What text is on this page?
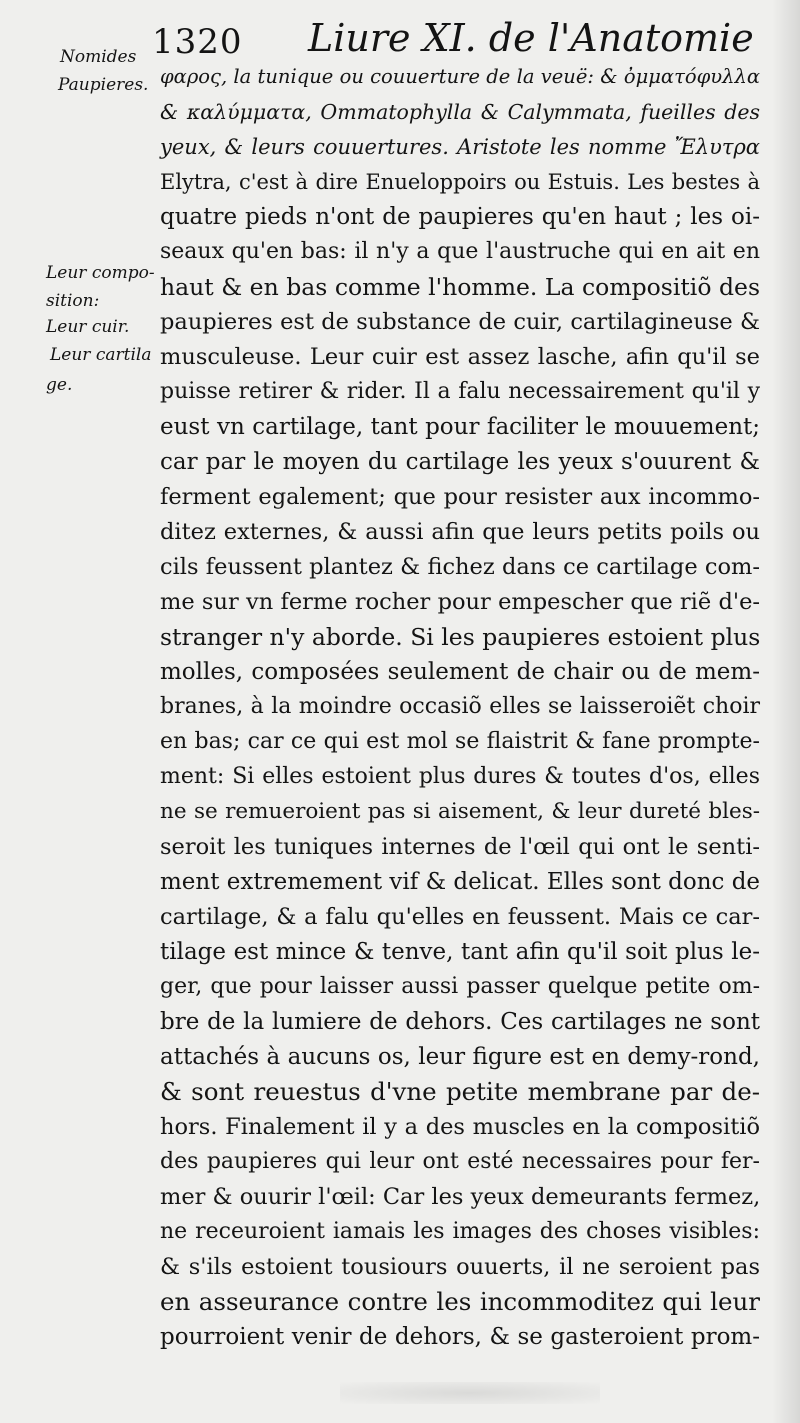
1320 Liure XI. de l'Anatomie
Nomides
Paupieres.
Leur compo-
sition:
Leur cuir.
Leur cartila
ge.
φαρος, la tunique ou couuerture de la veuë: & ὀμματόφυλλα
& καλύμματα, Ommatophylla & Calymmata, fueilles des
yeux, & leurs couuertures. Aristote les nomme Ἔλυτρα
Elytra, c'est à dire Enueloppoirs ou Estuis. Les bestes à
quatre pieds n'ont de paupieres qu'en haut ; les oi-
seaux qu'en bas: il n'y a que l'austruche qui en ait en
haut & en bas comme l'homme. La compositiõ des
paupieres est de substance de cuir, cartilagineuse &
musculeuse. Leur cuir est assez lasche, afin qu'il se
puisse retirer & rider. Il a falu necessairement qu'il y
eust vn cartilage, tant pour faciliter le mouuement;
car par le moyen du cartilage les yeux s'ouurent &
ferment egalement; que pour resister aux incommo-
ditez externes, & aussi afin que leurs petits poils ou
cils feussent plantez & fichez dans ce cartilage com-
me sur vn ferme rocher pour empescher que riẽ d'e-
stranger n'y aborde. Si les paupieres estoient plus
molles, composées seulement de chair ou de mem-
branes, à la moindre occasiõ elles se laisseroiẽt choir
en bas; car ce qui est mol se flaistrit & fane prompte-
ment: Si elles estoient plus dures & toutes d'os, elles
ne se remueroient pas si aisement, & leur dureté bles-
seroit les tuniques internes de l'œil qui ont le senti-
ment extremement vif & delicat. Elles sont donc de
cartilage, & a falu qu'elles en feussent. Mais ce car-
tilage est mince & tenve, tant afin qu'il soit plus le-
ger, que pour laisser aussi passer quelque petite om-
bre de la lumiere de dehors. Ces cartilages ne sont
attachés à aucuns os, leur figure est en demy-rond,
& sont reuestus d'vne petite membrane par de-
hors. Finalement il y a des muscles en la compositiõ
des paupieres qui leur ont esté necessaires pour fer-
mer & ouurir l'œil: Car les yeux demeurants fermez,
ne receuroient iamais les images des choses visibles:
& s'ils estoient tousiours ouuerts, il ne seroient pas
en asseurance contre les incommoditez qui leur
pourroient venir de dehors, & se gasteroient prom-
